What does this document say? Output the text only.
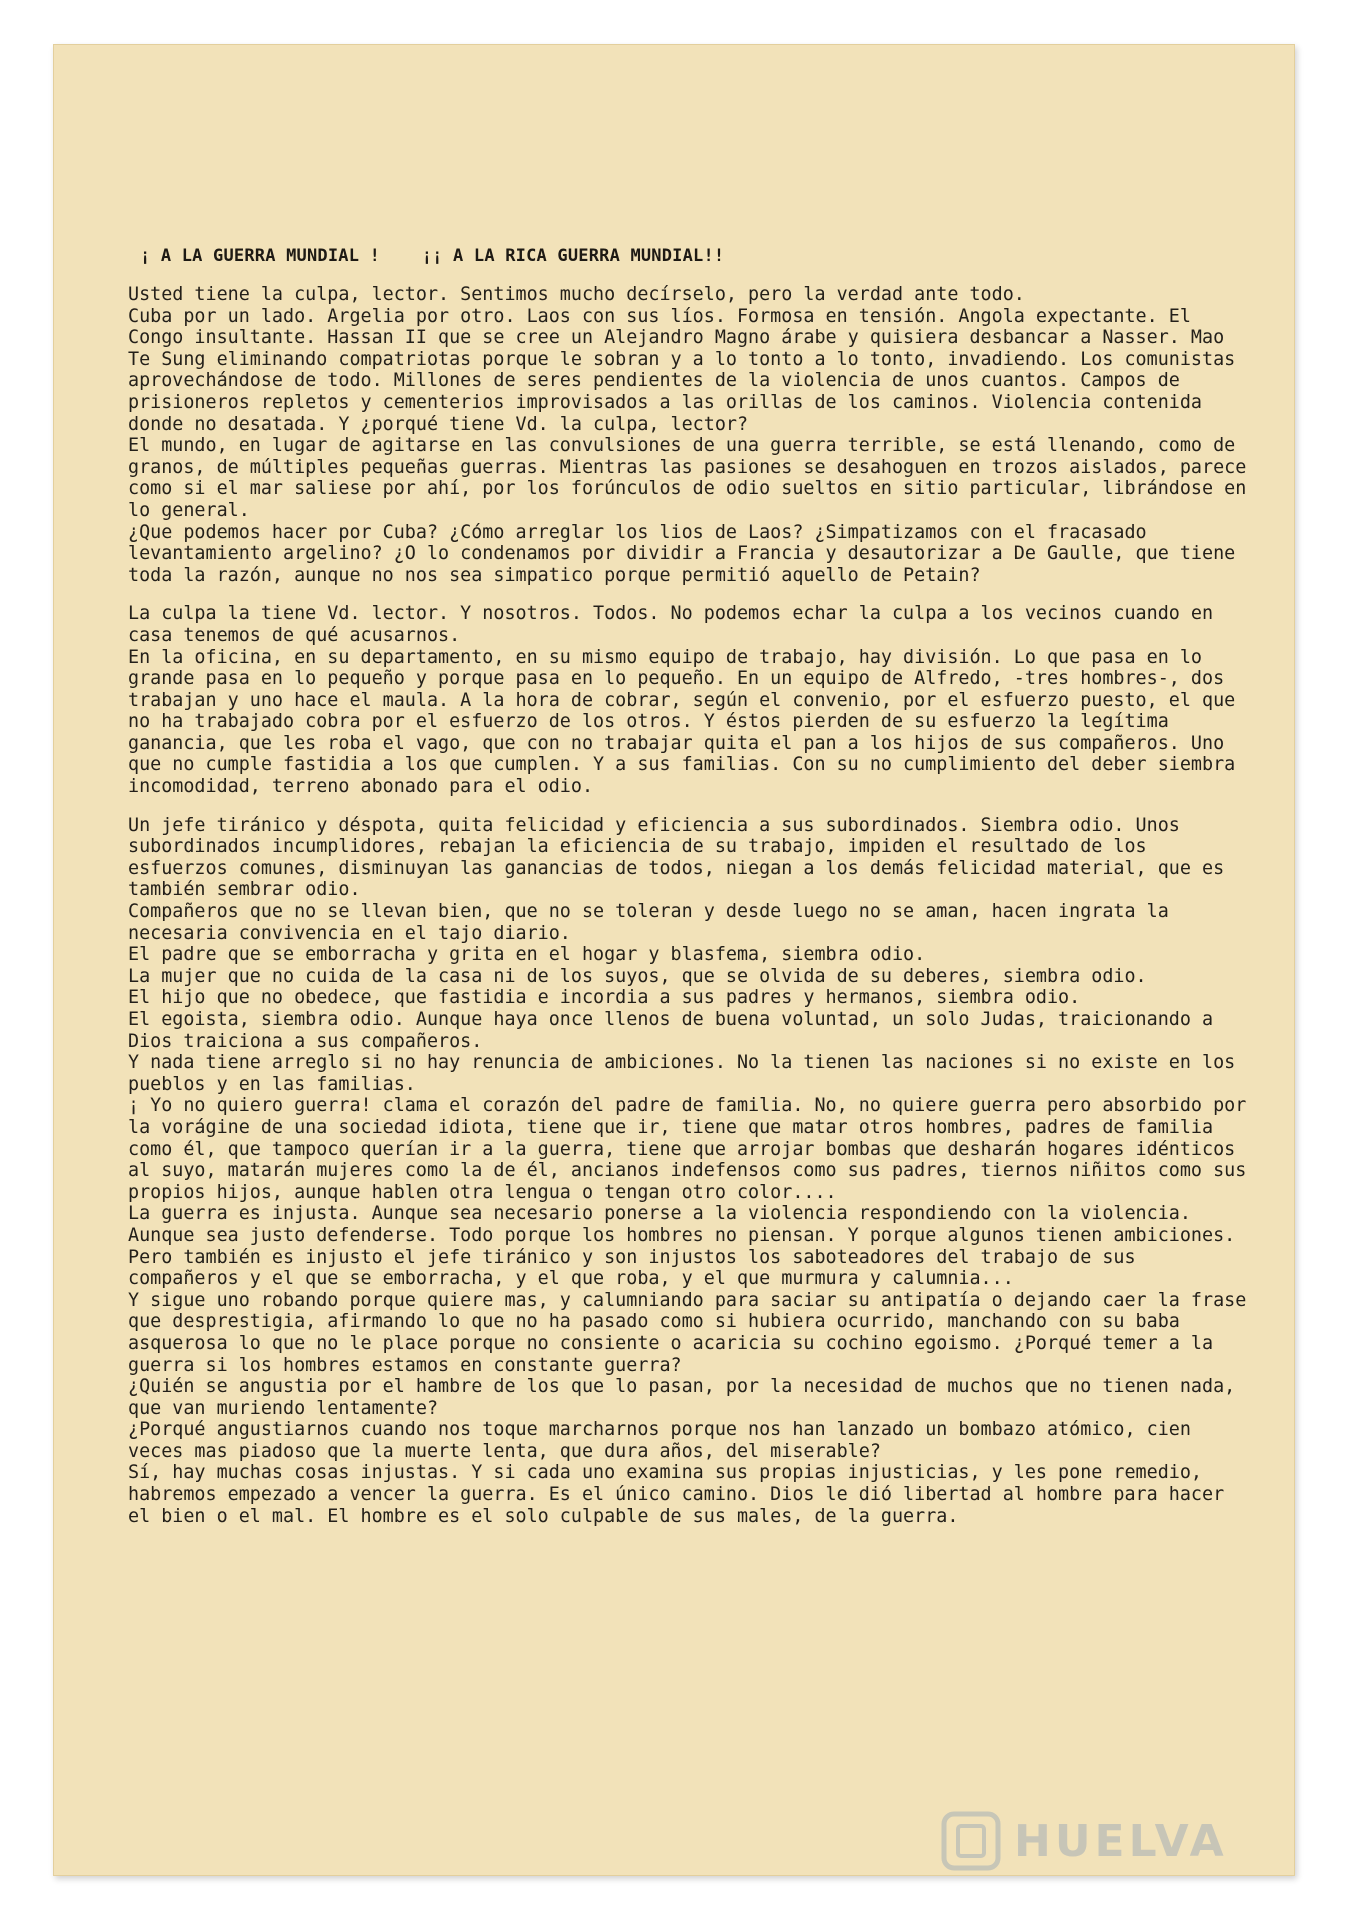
¡ A LA GUERRA MUNDIAL !    ¡¡ A LA RICA GUERRA MUNDIAL!!

Usted tiene la culpa, lector. Sentimos mucho decírselo, pero la verdad ante todo.

Cuba por un lado. Argelia por otro. Laos con sus líos. Formosa en tensión. Angola expectante. El Congo insultante. Hassan II que se cree un Alejandro Magno árabe y quisiera desbancar a Nasser. Mao Te Sung eliminando compatriotas porque le sobran y a lo tonto a lo tonto, invadiendo. Los comunistas aprovechándose de todo. Millones de seres pendientes de la violencia de unos cuantos. Campos de prisioneros repletos y cementerios improvisados a las orillas de los caminos. Violencia contenida donde no desatada. Y ¿porqué tiene Vd. la culpa, lector?

El mundo, en lugar de agitarse en las convulsiones de una guerra terrible, se está llenando, como de granos, de múltiples pequeñas guerras. Mientras las pasiones se desahoguen en trozos aislados, parece como si el mar saliese por ahí, por los forúnculos de odio sueltos en sitio particular, librándose en lo general.

¿Que podemos hacer por Cuba? ¿Cómo arreglar los lios de Laos? ¿Simpatizamos con el fracasado levantamiento argelino? ¿O lo condenamos por dividir a Francia y desautorizar a De Gaulle, que tiene toda la razón, aunque no nos sea simpatico porque permitió aquello de Petain?

La culpa la tiene Vd. lector. Y nosotros. Todos. No podemos echar la culpa a los vecinos cuando en casa tenemos de qué acusarnos.

En la oficina, en su departamento, en su mismo equipo de trabajo, hay división. Lo que pasa en lo grande pasa en lo pequeño y porque pasa en lo pequeño. En un equipo de Alfredo, -tres hombres-, dos trabajan y uno hace el maula. A la hora de cobrar, según el convenio, por el esfuerzo puesto, el que no ha trabajado cobra por el esfuerzo de los otros. Y éstos pierden de su esfuerzo la legítima ganancia, que les roba el vago, que con no trabajar quita el pan a los hijos de sus compañeros. Uno que no cumple fastidia a los que cumplen. Y a sus familias. Con su no cumplimiento del deber siembra incomodidad, terreno abonado para el odio.

Un jefe tiránico y déspota, quita felicidad y eficiencia a sus subordinados. Siembra odio. Unos subordinados incumplidores, rebajan la eficiencia de su trabajo, impiden el resultado de los esfuerzos comunes, disminuyan las ganancias de todos, niegan a los demás felicidad material, que es también sembrar odio.

Compañeros que no se llevan bien, que no se toleran y desde luego no se aman, hacen ingrata la necesaria convivencia en el tajo diario.

El padre que se emborracha y grita en el hogar y blasfema, siembra odio.

La mujer que no cuida de la casa ni de los suyos, que se olvida de su deberes, siembra odio.

El hijo que no obedece, que fastidia e incordia a sus padres y hermanos, siembra odio.

El egoista, siembra odio. Aunque haya once llenos de buena voluntad, un solo Judas, traicionando a Dios traiciona a sus compañeros.

Y nada tiene arreglo si no hay renuncia de ambiciones. No la tienen las naciones si no existe en los pueblos y en las familias.

¡ Yo no quiero guerra! clama el corazón del padre de familia. No, no quiere guerra pero absorbido por la vorágine de una sociedad idiota, tiene que ir, tiene que matar otros hombres, padres de familia como él, que tampoco querían ir a la guerra, tiene que arrojar bombas que desharán hogares idénticos al suyo, matarán mujeres como la de él, ancianos indefensos como sus padres, tiernos niñitos como sus propios hijos, aunque hablen otra lengua o tengan otro color....

La guerra es injusta. Aunque sea necesario ponerse a la violencia respondiendo con la violencia. Aunque sea justo defenderse. Todo porque los hombres no piensan. Y porque algunos tienen ambiciones. Pero también es injusto el jefe tiránico y son injustos los saboteadores del trabajo de sus compañeros y el que se emborracha, y el que roba, y el que murmura y calumnia...

Y sigue uno robando porque quiere mas, y calumniando para saciar su antipatía o dejando caer la frase que desprestigia, afirmando lo que no ha pasado como si hubiera ocurrido, manchando con su baba asquerosa lo que no le place porque no consiente o acaricia su cochino egoismo. ¿Porqué temer a la guerra si los hombres estamos en constante guerra?

¿Quién se angustia por el hambre de los que lo pasan, por la necesidad de muchos que no tienen nada, que van muriendo lentamente?

¿Porqué angustiarnos cuando nos toque marcharnos porque nos han lanzado un bombazo atómico, cien veces mas piadoso que la muerte lenta, que dura años, del miserable?

Sí, hay muchas cosas injustas. Y si cada uno examina sus propias injusticias, y les pone remedio, habremos empezado a vencer la guerra. Es el único camino. Dios le dió libertad al hombre para hacer el bien o el mal. El hombre es el solo culpable de sus males, de la guerra.

HUELVA
